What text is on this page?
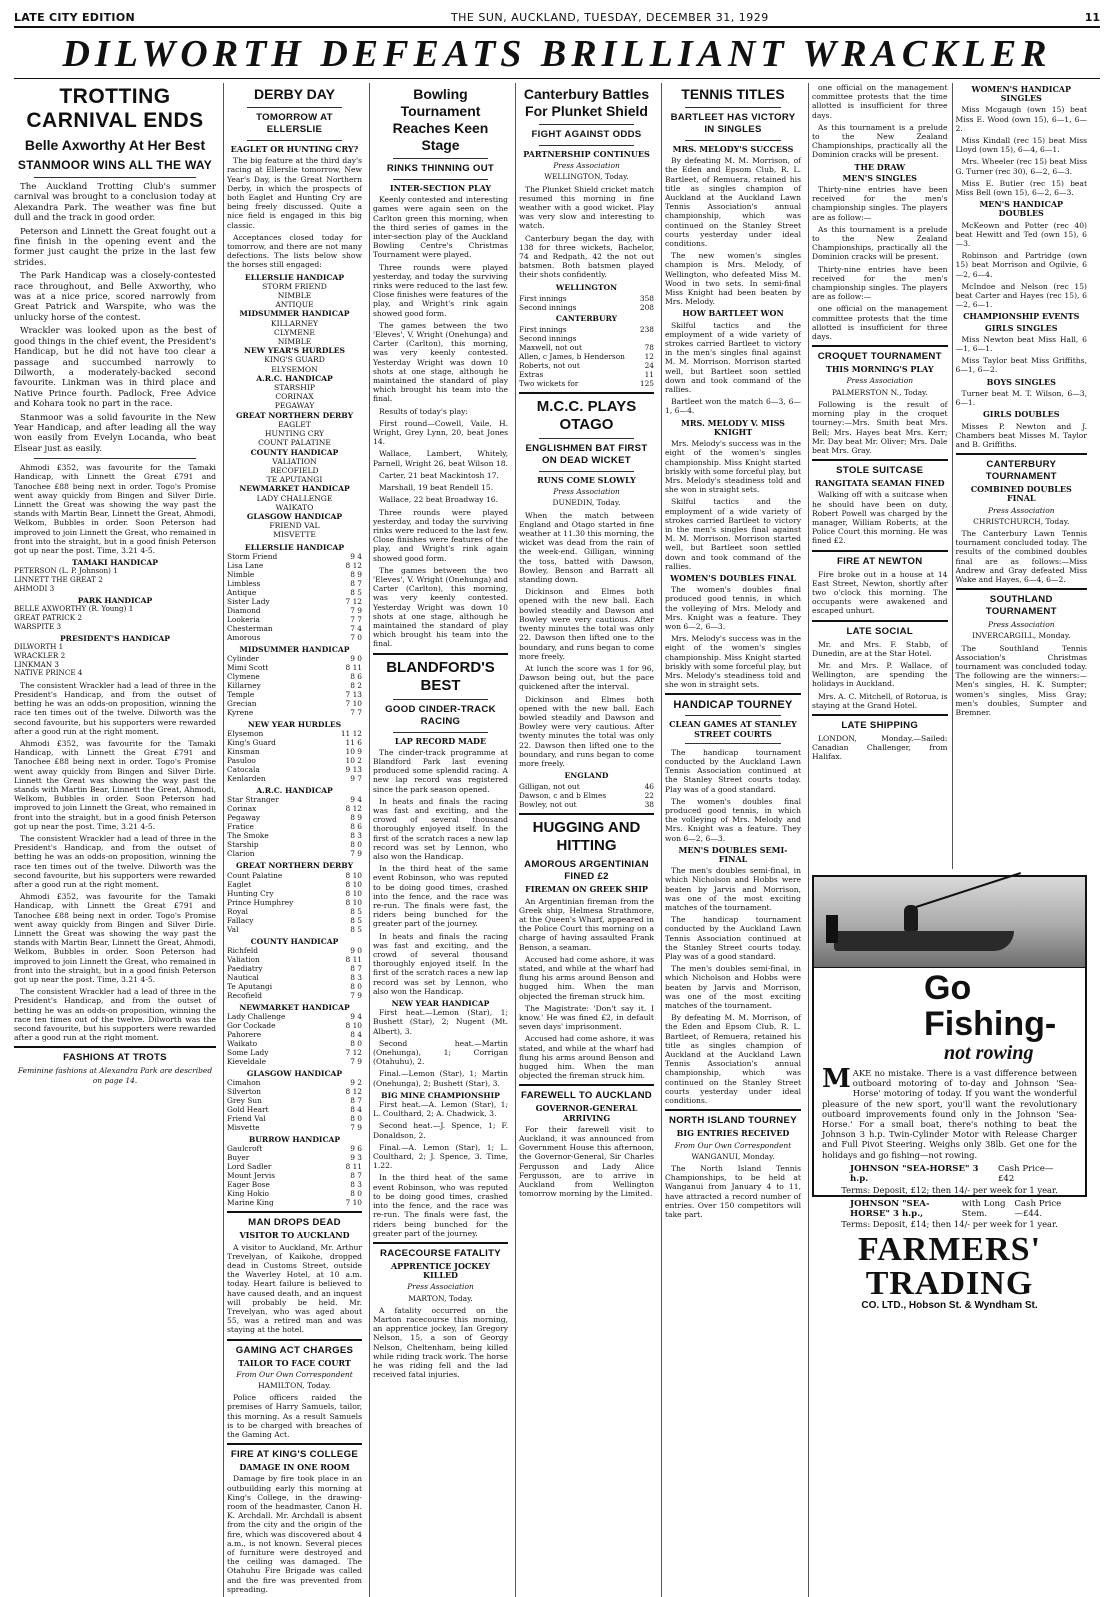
LATE CITY EDITION	THE SUN, AUCKLAND, TUESDAY, DECEMBER 31, 1929	11
DILWORTH DEFEATS BRILLIANT WRACKLER
TROTTING CARNIVAL ENDS
Belle Axworthy At Her Best
STANMOOR WINS ALL THE WAY

The Auckland Trotting Club's summer carnival was brought to a conclusion today at Alexandra Park. The weather was fine but dull and the track in good order.

Peterson and Linnett the Great fought out a fine finish in the opening event and the former just caught the prize in the last few strides.

The Park Handicap was a closely-contested race throughout, and Belle Axworthy, who was at a nice price, scored narrowly from Great Patrick and Warspite, who was the unlucky horse of the contest.

Wrackler was looked upon as the best of good things in the chief event, the President's Handicap, but he did not have too clear a passage and succumbed narrowly to Dilworth, a moderately-backed second favourite. Linkman was in third place and Native Prince fourth. Padlock, Free Advice and Kohara took no part in the race.

Stanmoor was a solid favourite in the New Year Handicap, and after leading all the way won easily from Evelyn Locanda, who beat Elsear just as easily.

Ahmodi £352, was favourite for the Tamaki Handicap, with Linnett the Great £791 and Tanochee £88 being next in order. Togo's Promise went away quickly from Bingen and Silver Dirle. Linnett the Great was showing the way past the stands with Martin Bear, Linnett the Great, Ahmodi, Welkom, Bubbles in order. Soon Peterson had improved to join Linnett the Great, who remained in front into the straight, but in a good finish Peterson got up near the post. Time, 3.21 4-5.

TAMAKI HANDICAP
PETERSON (L. P. Johnson) 1
LINNETT THE GREAT 2
AHMODI 3
PARK HANDICAP
BELLE AXWORTHY (R. Young) 1
GREAT PATRICK 2
WARSPITE 3
PRESIDENT'S HANDICAP
DILWORTH 1
WRACKLER 2
LINKMAN 3
NATIVE PRINCE 4

The consistent Wrackler had a lead of three in the President's Handicap, and from the outset of betting he was an odds-on proposition, winning the race ten times out of the twelve. Dilworth was the second favourite, but his supporters were rewarded after a good run at the right moment.

Ahmodi £352, was favourite for the Tamaki Handicap, with Linnett the Great £791 and Tanochee £88 being next in order. Togo's Promise went away quickly from Bingen and Silver Dirle. Linnett the Great was showing the way past the stands with Martin Bear, Linnett the Great, Ahmodi, Welkom, Bubbles in order. Soon Peterson had improved to join Linnett the Great, who remained in front into the straight, but in a good finish Peterson got up near the post. Time, 3.21 4-5.

The consistent Wrackler had a lead of three in the President's Handicap, and from the outset of betting he was an odds-on proposition, winning the race ten times out of the twelve. Dilworth was the second favourite, but his supporters were rewarded after a good run at the right moment.

Ahmodi £352, was favourite for the Tamaki Handicap, with Linnett the Great £791 and Tanochee £88 being next in order. Togo's Promise went away quickly from Bingen and Silver Dirle. Linnett the Great was showing the way past the stands with Martin Bear, Linnett the Great, Ahmodi, Welkom, Bubbles in order. Soon Peterson had improved to join Linnett the Great, who remained in front into the straight, but in a good finish Peterson got up near the post. Time, 3.21 4-5.

The consistent Wrackler had a lead of three in the President's Handicap, and from the outset of betting he was an odds-on proposition, winning the race ten times out of the twelve. Dilworth was the second favourite, but his supporters were rewarded after a good run at the right moment.

FASHIONS AT TROTS
Feminine fashions at Alexandra Park are described on page 14.
DERBY DAY
TOMORROW AT ELLERSLIE
EAGLET OR HUNTING CRY?

The big feature at the third day's racing at Ellerslie tomorrow, New Year's Day, is the Great Northern Derby, in which the prospects of both Eaglet and Hunting Cry are being freely discussed. Quite a nice field is engaged in this big classic.

Acceptances closed today for tomorrow, and there are not many defections. The lists below show the horses still engaged:

ELLERSLIE HANDICAP
STORM FRIEND
NIMBLE
ANTIQUE
MIDSUMMER HANDICAP
KILLARNEY
CLYMENE
NIMBLE
NEW YEAR'S HURDLES
KING'S GUARD
ELYSEMON
A.R.C. HANDICAP
STARSHIP
CORINAX
PEGAWAY
GREAT NORTHERN DERBY
EAGLET
HUNTING CRY
COUNT PALATINE
COUNTY HANDICAP
VALIATION
RECOFIELD
TE APUTANGI
NEWMARKET HANDICAP
LADY CHALLENGE
WAIKATO
GLASGOW HANDICAP
FRIEND VAL
MISVETTE
ELLERSLIE HANDICAP
Storm Friend	9 4
Lisa Lane	8 12
Nimble	8 9
Limbless	8 7
Antique	8 5
Sister Lady	7 12
Diamond	7 9
Lookeria	7 7
Chesterman	7 4
Amorous	7 0
MIDSUMMER HANDICAP
Cylinder	9 0
Mimi Scott	8 11
Clymene	8 6
Killarney	8 2
Temple	7 13
Grecian	7 10
Kyrene	7 7
NEW YEAR HURDLES
Elysemon	11 12
King's Guard	11 6
Kinsman	10 9
Pasuloo	10 2
Catocala	9 13
Kenlarden	9 7
A.R.C. HANDICAP
Star Stranger	9 4
Corinax	8 12
Pegaway	8 9
Fratice	8 6
The Smoke	8 3
Starship	8 0
Clarion	7 9
GREAT NORTHERN DERBY
Count Palatine	8 10
Eaglet	8 10
Hunting Cry	8 10
Prince Humphrey	8 10
Royal	8 5
Fallacy	8 5
Val	8 5
COUNTY HANDICAP
Richfeld	9 0
Valiation	8 11
Paediatry	8 7
Nautical	8 3
Te Aputangi	8 0
Recofield	7 9
NEWMARKET HANDICAP
Lady Challenge	9 4
Gor Cockade	8 10
Pahorere	8 4
Waikato	8 0
Some Lady	7 12
Kieveldale	7 9
GLASGOW HANDICAP
Cimahon	9 2
Silverton	8 12
Grey Sun	8 7
Gold Heart	8 4
Friend Val	8 0
Misvette	7 9
BURROW HANDICAP
Gaulcroft	9 6
Buyer	9 3
Lord Sadler	8 11
Mount Jervis	8 7
Eager Bose	8 3
King Hokio	8 0
Marine King	7 10
MAN DROPS DEAD
VISITOR TO AUCKLAND

A visitor to Auckland, Mr. Arthur Trevelyan, of Kaikohe, dropped dead in Customs Street, outside the Waverley Hotel, at 10 a.m. today. Heart failure is believed to have caused death, and an inquest will probably be held. Mr. Trevelyan, who was aged about 55, was a retired man and was staying at the hotel.

GAMING ACT CHARGES
TAILOR TO FACE COURT
From Our Own Correspondent
HAMILTON, Today.

Police officers raided the premises of Harry Samuels, tailor, this morning. As a result Samuels is to be charged with breaches of the Gaming Act.

FIRE AT KING'S COLLEGE
DAMAGE IN ONE ROOM

Damage by fire took place in an outbuilding early this morning at King's College, in the drawing-room of the headmaster, Canon H. K. Archdall. Mr. Archdall is absent from the city and the origin of the fire, which was discovered about 4 a.m., is not known. Several pieces of furniture were destroyed and the ceiling was damaged. The Otahuhu Fire Brigade was called and the fire was prevented from spreading.

Bowling Tournament Reaches Keen Stage
RINKS THINNING OUT
INTER-SECTION PLAY

Keenly contested and interesting games were again seen on the Carlton green this morning, when the third series of games in the inter-section play of the Auckland Bowling Centre's Christmas Tournament were played.

Three rounds were played yesterday, and today the surviving rinks were reduced to the last few. Close finishes were features of the play, and Wright's rink again showed good form.

The games between the two 'Eleves', V. Wright (Onehunga) and Carter (Carlton), this morning, was very keenly contested. Yesterday Wright was down 10 shots at one stage, although he maintained the standard of play which brought his team into the final.

Results of today's play:

First round—Cowell, Vaile, H. Wright, Grey Lynn, 20, beat Jones 14.

Wallace, Lambert, Whitely, Parnell, Wright 26, beat Wilson 18.

Carter, 21 beat Mackintosh 17.

Marshall, 19 beat Rendell 15.

Wallace, 22 beat Broadway 16.

Three rounds were played yesterday, and today the surviving rinks were reduced to the last few. Close finishes were features of the play, and Wright's rink again showed good form.

The games between the two 'Eleves', V. Wright (Onehunga) and Carter (Carlton), this morning, was very keenly contested. Yesterday Wright was down 10 shots at one stage, although he maintained the standard of play which brought his team into the final.

BLANDFORD'S BEST
GOOD CINDER-TRACK RACING
LAP RECORD MADE

The cinder-track programme at Blandford Park last evening produced some splendid racing. A new lap record was registered since the park season opened.

In heats and finals the racing was fast and exciting, and the crowd of several thousand thoroughly enjoyed itself. In the first of the scratch races a new lap record was set by Lennon, who also won the Handicap.

In the third heat of the same event Robinson, who was reputed to be doing good times, crashed into the fence, and the race was re-run. The finals were fast, the riders being bunched for the greater part of the journey.

In heats and finals the racing was fast and exciting, and the crowd of several thousand thoroughly enjoyed itself. In the first of the scratch races a new lap record was set by Lennon, who also won the Handicap.

NEW YEAR HANDICAP

First heat.—Lemon (Star), 1; Bushett (Star), 2; Nugent (Mt. Albert), 3.

Second heat.—Martin (Onehunga), 1; Corrigan (Otahuhu), 2.

Final.—Lemon (Star), 1; Martin (Onehunga), 2; Bushett (Star), 3.

BIG MINE CHAMPIONSHIP

First heat.—A. Lemon (Star), 1; L. Coulthard, 2; A. Chadwick, 3.

Second heat.—J. Spence, 1; F. Donaldson, 2.

Final.—A. Lemon (Star), 1; L. Coulthard, 2; J. Spence, 3. Time, 1.22.

In the third heat of the same event Robinson, who was reputed to be doing good times, crashed into the fence, and the race was re-run. The finals were fast, the riders being bunched for the greater part of the journey.

RACECOURSE FATALITY
APPRENTICE JOCKEY KILLED
Press Association
MARTON, Today.

A fatality occurred on the Marton racecourse this morning, an apprentice jockey, Ian Gregory Nelson, 15, a son of Georgy Nelson, Cheltenham, being killed while riding track work. The horse he was riding fell and the lad received fatal injuries.

Canterbury Battles For Plunket Shield
FIGHT AGAINST ODDS
PARTNERSHIP CONTINUES
Press Association
WELLINGTON, Today.

The Plunket Shield cricket match resumed this morning in fine weather with a good wicket. Play was very slow and interesting to watch.

Canterbury began the day, with 138 for three wickets, Bachelor, 74 and Redpath, 42 the not out batsmen. Both batsmen played their shots confidently.

WELLINGTON
First innings	358
Second innings	208
CANTERBURY
First innings	238
Second innings
Maxwell, not out	78
Allen, c James, b Henderson	12
Roberts, not out	24
Extras	11
Two wickets for	125
M.C.C. PLAYS OTAGO
ENGLISHMEN BAT FIRST ON DEAD WICKET
RUNS COME SLOWLY
Press Association
DUNEDIN, Today.

When the match between England and Otago started in fine weather at 11.30 this morning, the wicket was dead from the rain of the week-end. Gilligan, winning the toss, batted with Dawson, Bowley, Benson and Barratt all standing down.

Dickinson and Elmes both opened with the new ball. Each bowled steadily and Dawson and Bowley were very cautious. After twenty minutes the total was only 22. Dawson then lifted one to the boundary, and runs began to come more freely.

At lunch the score was 1 for 96, Dawson being out, but the pace quickened after the interval.

Dickinson and Elmes both opened with the new ball. Each bowled steadily and Dawson and Bowley were very cautious. After twenty minutes the total was only 22. Dawson then lifted one to the boundary, and runs began to come more freely.

ENGLAND
Gilligan, not out	46
Dawson, c and b Elmes	22
Bowley, not out	38
HUGGING AND HITTING
AMOROUS ARGENTINIAN FINED £2
FIREMAN ON GREEK SHIP

An Argentinian fireman from the Greek ship, Helmesa Strathmore, at the Queen's Wharf, appeared in the Police Court this morning on a charge of having assaulted Frank Benson, a seaman.

Accused had come ashore, it was stated, and while at the wharf had flung his arms around Benson and hugged him. When the man objected the fireman struck him.

The Magistrate: 'Don't say it. I know.' He was fined £2, in default seven days' imprisonment.

Accused had come ashore, it was stated, and while at the wharf had flung his arms around Benson and hugged him. When the man objected the fireman struck him.

FAREWELL TO AUCKLAND
GOVERNOR-GENERAL ARRIVING

For their farewell visit to Auckland, it was announced from Government House this afternoon, the Governor-General, Sir Charles Fergusson and Lady Alice Fergusson, are to arrive in Auckland from Wellington tomorrow morning by the Limited.

TENNIS TITLES
BARTLEET HAS VICTORY IN SINGLES
MRS. MELODY'S SUCCESS

By defeating M. M. Morrison, of the Eden and Epsom Club, R. L. Bartleet, of Remuera, retained his title as singles champion of Auckland at the Auckland Lawn Tennis Association's annual championship, which was continued on the Stanley Street courts yesterday under ideal conditions.

The new women's singles champion is Mrs. Melody, of Wellington, who defeated Miss M. Wood in two sets. In semi-final Miss Knight had been beaten by Mrs. Melody.

HOW BARTLEET WON

Skilful tactics and the employment of a wide variety of strokes carried Bartleet to victory in the men's singles final against M. M. Morrison. Morrison started well, but Bartleet soon settled down and took command of the rallies.

Bartleet won the match 6—3, 6—1, 6—4.

MRS. MELODY V. MISS KNIGHT

Mrs. Melody's success was in the eight of the women's singles championship. Miss Knight started briskly with some forceful play, but Mrs. Melody's steadiness told and she won in straight sets.

Skilful tactics and the employment of a wide variety of strokes carried Bartleet to victory in the men's singles final against M. M. Morrison. Morrison started well, but Bartleet soon settled down and took command of the rallies.

WOMEN'S DOUBLES FINAL

The women's doubles final produced good tennis, in which the volleying of Mrs. Melody and Mrs. Knight was a feature. They won 6—2, 6—3.

Mrs. Melody's success was in the eight of the women's singles championship. Miss Knight started briskly with some forceful play, but Mrs. Melody's steadiness told and she won in straight sets.

HANDICAP TOURNEY
CLEAN GAMES AT STANLEY STREET COURTS

The handicap tournament conducted by the Auckland Lawn Tennis Association continued at the Stanley Street courts today. Play was of a good standard.

The women's doubles final produced good tennis, in which the volleying of Mrs. Melody and Mrs. Knight was a feature. They won 6—2, 6—3.

MEN'S DOUBLES SEMI-FINAL

The men's doubles semi-final, in which Nicholson and Hobbs were beaten by Jarvis and Morrison, was one of the most exciting matches of the tournament.

The handicap tournament conducted by the Auckland Lawn Tennis Association continued at the Stanley Street courts today. Play was of a good standard.

The men's doubles semi-final, in which Nicholson and Hobbs were beaten by Jarvis and Morrison, was one of the most exciting matches of the tournament.

By defeating M. M. Morrison, of the Eden and Epsom Club, R. L. Bartleet, of Remuera, retained his title as singles champion of Auckland at the Auckland Lawn Tennis Association's annual championship, which was continued on the Stanley Street courts yesterday under ideal conditions.

NORTH ISLAND TOURNEY
BIG ENTRIES RECEIVED
From Our Own Correspondent
WANGANUI, Monday.

The North Island Tennis Championships, to be held at Wanganui from January 4 to 11, have attracted a record number of entries. Over 150 competitors will take part.

one official on the management committee protests that the time allotted is insufficient for three days.

As this tournament is a prelude to the New Zealand Championships, practically all the Dominion cracks will be present.

THE DRAW
MEN'S SINGLES

Thirty-nine entries have been received for the men's championship singles. The players are as follow:—

As this tournament is a prelude to the New Zealand Championships, practically all the Dominion cracks will be present.

Thirty-nine entries have been received for the men's championship singles. The players are as follow:—

one official on the management committee protests that the time allotted is insufficient for three days.

CROQUET TOURNAMENT
THIS MORNING'S PLAY
Press Association
PALMERSTON N., Today.

Following is the result of morning play in the croquet tourney:—Mrs. Smith beat Mrs. Bell; Mrs. Hayes beat Mrs. Kerr; Mr. Day beat Mr. Oliver; Mrs. Dale beat Mrs. Gray.

STOLE SUITCASE
RANGITATA SEAMAN FINED

Walking off with a suitcase when he should have been on duty, Robert Powell was charged by the manager, William Roberts, at the Police Court this morning. He was fined £2.

FIRE AT NEWTON

Fire broke out in a house at 14 East Street, Newton, shortly after two o'clock this morning. The occupants were awakened and escaped unhurt.

LATE SOCIAL

Mr. and Mrs. F. Stabb, of Dunedin, are at the Star Hotel.

Mr. and Mrs. P. Wallace, of Wellington, are spending the holidays in Auckland.

Mrs. A. C. Mitchell, of Rotorua, is staying at the Grand Hotel.

LATE SHIPPING

LONDON, Monday.—Sailed: Canadian Challenger, from Halifax.

WOMEN'S HANDICAP SINGLES

Miss Mcgaugh (own 15) beat Miss E. Wood (own 15), 6—1, 6—2.

Miss Kindall (rec 15) beat Miss Lloyd (own 15), 6—4, 6—1.

Mrs. Wheeler (rec 15) beat Miss G. Turner (rec 30), 6—2, 6—3.

Miss E. Butler (rec 15) beat Miss Bell (own 15), 6—2, 6—3.

MEN'S HANDICAP DOUBLES

McKeown and Potter (rec 40) beat Hewitt and Ted (own 15), 6—3.

Robinson and Partridge (own 15) beat Morrison and Ogilvie, 6—2, 6—4.

McIndoe and Nelson (rec 15) beat Carter and Hayes (rec 15), 6—2, 6—1.

CHAMPIONSHIP EVENTS
GIRLS SINGLES

Miss Newton beat Miss Hall, 6—1, 6—1.

Miss Taylor beat Miss Griffiths, 6—1, 6—2.

BOYS SINGLES

Turner beat M. T. Wilson, 6—3, 6—1.

GIRLS DOUBLES

Misses P. Newton and J. Chambers beat Misses M. Taylor and B. Griffiths.

CANTERBURY TOURNAMENT
COMBINED DOUBLES FINAL
Press Association
CHRISTCHURCH, Today.

The Canterbury Lawn Tennis tournament concluded today. The results of the combined doubles final are as follows:—Miss Andrew and Gray defeated Miss Wake and Hayes, 6—4, 6—2.

SOUTHLAND TOURNAMENT
Press Association
INVERCARGILL, Monday.

The Southland Tennis Association's Christmas tournament was concluded today. The following are the winners:—Men's singles, H. K. Sumpter; women's singles, Miss Gray; men's doubles, Sumpter and Bremner.

Go Fishing-
not rowing
MAKE no mistake. There is a vast difference between outboard motoring of to-day and Johnson 'Sea-Horse' motoring of today. If you want the wonderful pleasure of the new sport, you'll want the revolutionary outboard improvements found only in the Johnson 'Sea-Horse.' For a small boat, there's nothing to beat the Johnson 3 h.p. Twin-Cylinder Motor with Release Charger and Full Pivot Steering. Weighs only 38lb. Get one for the holidays and go fishing—not rowing.
JOHNSON "SEA-HORSE" 3 h.p.
Cash Price—£42
Terms: Deposit, £12; then 14/- per week for 1 year.
JOHNSON "SEA-HORSE" 3 h.p.,
with Long Stem.
Cash Price—£44.
Terms: Deposit, £14; then 14/- per week for 1 year.
FARMERS' TRADING
CO. LTD., Hobson St. & Wyndham St.
